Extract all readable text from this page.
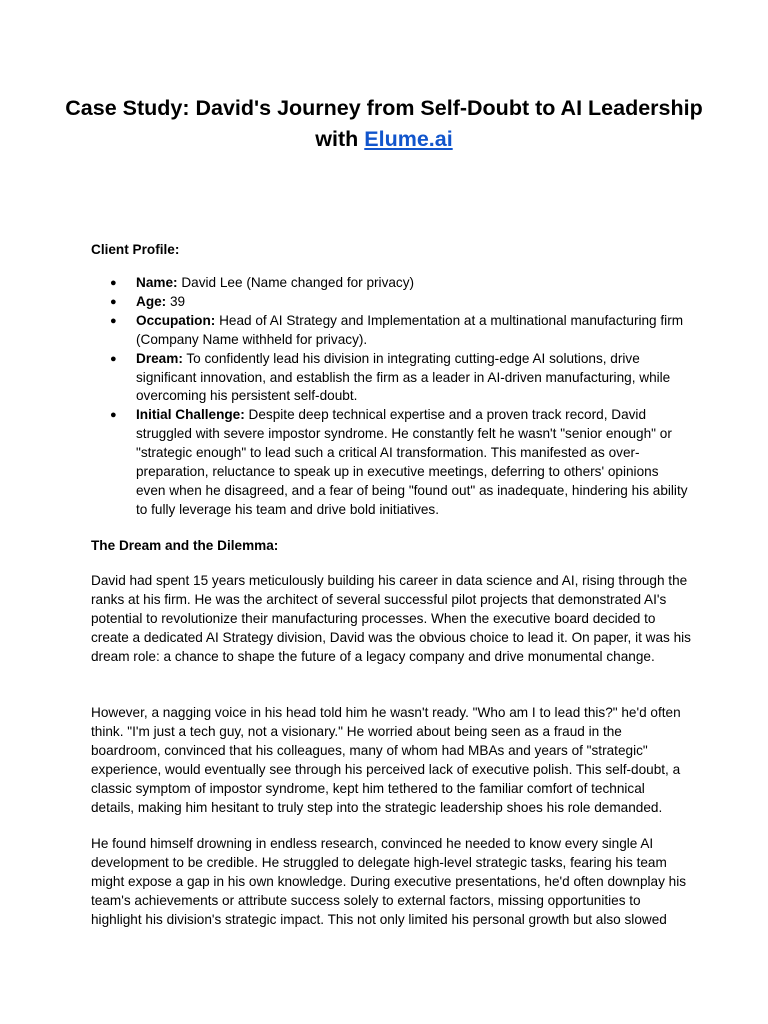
Case Study: David's Journey from Self-Doubt to AI Leadership with Elume.ai

Client Profile:

● Name: David Lee (Name changed for privacy)
● Age: 39
● Occupation: Head of AI Strategy and Implementation at a multinational manufacturing firm (Company Name withheld for privacy).
● Dream: To confidently lead his division in integrating cutting-edge AI solutions, drive significant innovation, and establish the firm as a leader in AI-driven manufacturing, while overcoming his persistent self-doubt.
● Initial Challenge: Despite deep technical expertise and a proven track record, David struggled with severe impostor syndrome. He constantly felt he wasn't "senior enough" or "strategic enough" to lead such a critical AI transformation. This manifested as over-preparation, reluctance to speak up in executive meetings, deferring to others' opinions even when he disagreed, and a fear of being "found out" as inadequate, hindering his ability to fully leverage his team and drive bold initiatives.

The Dream and the Dilemma:

David had spent 15 years meticulously building his career in data science and AI, rising through the ranks at his firm. He was the architect of several successful pilot projects that demonstrated AI's potential to revolutionize their manufacturing processes. When the executive board decided to create a dedicated AI Strategy division, David was the obvious choice to lead it. On paper, it was his dream role: a chance to shape the future of a legacy company and drive monumental change.

However, a nagging voice in his head told him he wasn't ready. "Who am I to lead this?" he'd often think. "I'm just a tech guy, not a visionary." He worried about being seen as a fraud in the boardroom, convinced that his colleagues, many of whom had MBAs and years of "strategic" experience, would eventually see through his perceived lack of executive polish. This self-doubt, a classic symptom of impostor syndrome, kept him tethered to the familiar comfort of technical details, making him hesitant to truly step into the strategic leadership shoes his role demanded.

He found himself drowning in endless research, convinced he needed to know every single AI development to be credible. He struggled to delegate high-level strategic tasks, fearing his team might expose a gap in his own knowledge. During executive presentations, he'd often downplay his team's achievements or attribute success solely to external factors, missing opportunities to highlight his division's strategic impact. This not only limited his personal growth but also slowed
